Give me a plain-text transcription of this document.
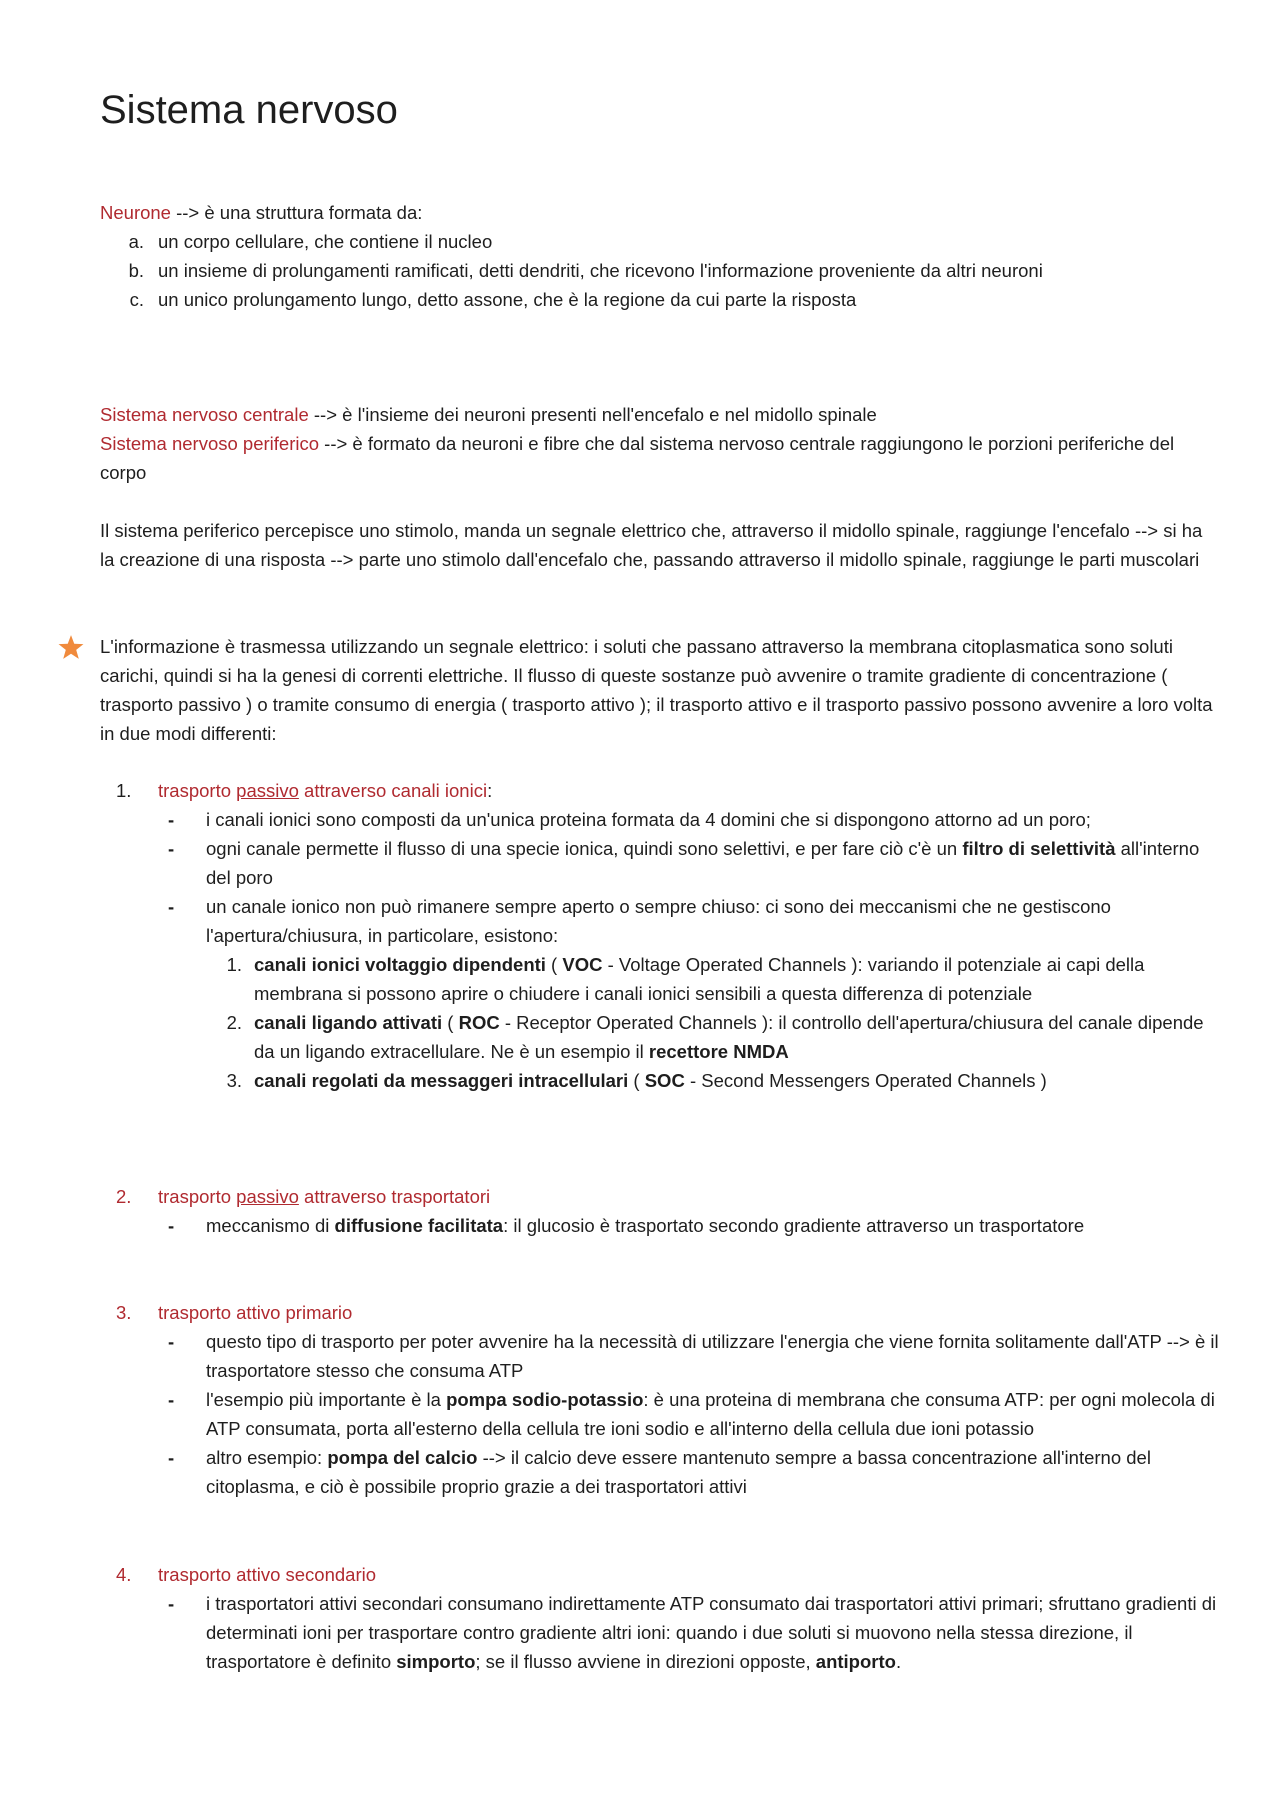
Sistema nervoso

Neurone --> è una struttura formata da:

a. un corpo cellulare, che contiene il nucleo
b. un insieme di prolungamenti ramificati, detti dendriti, che ricevono l'informazione proveniente da altri neuroni
c. un unico prolungamento lungo, detto assone, che è la regione da cui parte la risposta

Sistema nervoso centrale --> è l'insieme dei neuroni presenti nell'encefalo e nel midollo spinale

Sistema nervoso periferico --> è formato da neuroni e fibre che dal sistema nervoso centrale raggiungono le porzioni periferiche del corpo

Il sistema periferico percepisce uno stimolo, manda un segnale elettrico che, attraverso il midollo spinale, raggiunge l'encefalo --> si ha la creazione di una risposta --> parte uno stimolo dall'encefalo che, passando attraverso il midollo spinale, raggiunge le parti muscolari

L'informazione è trasmessa utilizzando un segnale elettrico: i soluti che passano attraverso la membrana citoplasmatica sono soluti carichi, quindi si ha la genesi di correnti elettriche. Il flusso di queste sostanze può avvenire o tramite gradiente di concentrazione ( trasporto passivo ) o tramite consumo di energia ( trasporto attivo ); il trasporto attivo e il trasporto passivo possono avvenire a loro volta in due modi differenti:

1.	trasporto passivo attraverso canali ionici:
-	i canali ionici sono composti da un'unica proteina formata da 4 domini che si dispongono attorno ad un poro;
-	ogni canale permette il flusso di una specie ionica, quindi sono selettivi, e per fare ciò c'è un filtro di selettività all'interno del poro
-	un canale ionico non può rimanere sempre aperto o sempre chiuso: ci sono dei meccanismi che ne gestiscono l'apertura/chiusura, in particolare, esistono:
1. canali ionici voltaggio dipendenti ( VOC - Voltage Operated Channels ): variando il potenziale ai capi della membrana si possono aprire o chiudere i canali ionici sensibili a questa differenza di potenziale
2. canali ligando attivati ( ROC - Receptor Operated Channels ): il controllo dell'apertura/chiusura del canale dipende da un ligando extracellulare. Ne è un esempio il recettore NMDA
3. canali regolati da messaggeri intracellulari ( SOC - Second Messengers Operated Channels )
2.	trasporto passivo attraverso trasportatori
-	meccanismo di diffusione facilitata: il glucosio è trasportato secondo gradiente attraverso un trasportatore
3.	trasporto attivo primario
-	questo tipo di trasporto per poter avvenire ha la necessità di utilizzare l'energia che viene fornita solitamente dall'ATP --> è il trasportatore stesso che consuma ATP
-	l'esempio più importante è la pompa sodio-potassio: è una proteina di membrana che consuma ATP: per ogni molecola di ATP consumata, porta all'esterno della cellula tre ioni sodio e all'interno della cellula due ioni potassio
-	altro esempio: pompa del calcio --> il calcio deve essere mantenuto sempre a bassa concentrazione all'interno del citoplasma, e ciò è possibile proprio grazie a dei trasportatori attivi
4.	trasporto attivo secondario
-	i trasportatori attivi secondari consumano indirettamente ATP consumato dai trasportatori attivi primari; sfruttano gradienti di determinati ioni per trasportare contro gradiente altri ioni: quando i due soluti si muovono nella stessa direzione, il trasportatore è definito simporto; se il flusso avviene in direzioni opposte, antiporto.
